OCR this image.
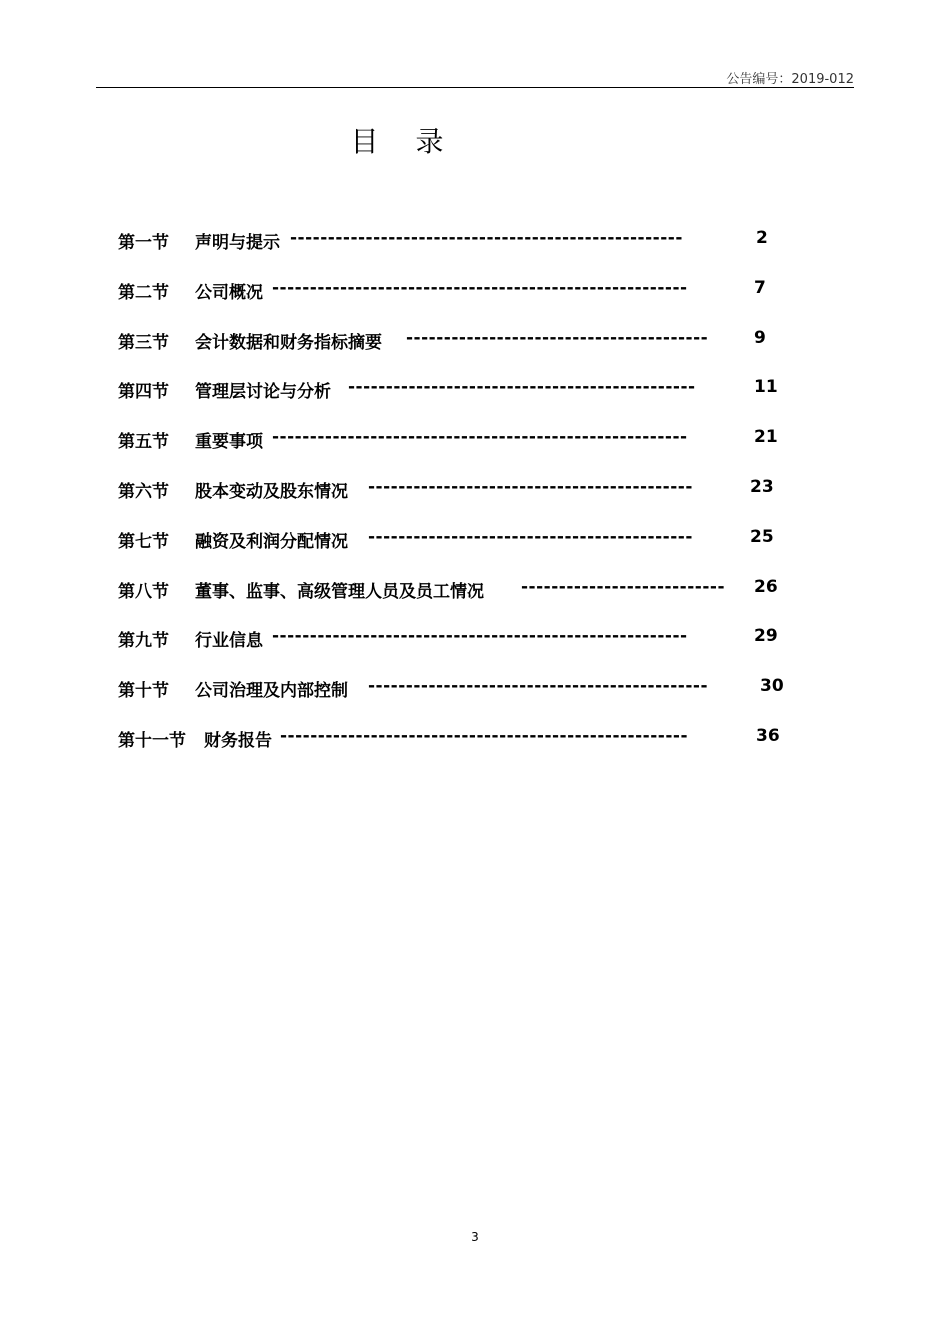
公告编号：2019-012
目 录
第一节 声明与提示 ----------------------------------------------------	2
第二节 公司概况 -------------------------------------------------------	7
第三节 会计数据和财务指标摘要 ----------------------------------------	9
第四节 管理层讨论与分析 ----------------------------------------------	11
第五节 重要事项 -------------------------------------------------------	21
第六节 股本变动及股东情况 -------------------------------------------	23
第七节 融资及利润分配情况 -------------------------------------------	25
第八节 董事、监事、高级管理人员及员工情况 ---------------------------	26
第九节 行业信息 -------------------------------------------------------	29
第十节 公司治理及内部控制 ---------------------------------------------	30
第十一节 财务报告 ------------------------------------------------------	36
3
